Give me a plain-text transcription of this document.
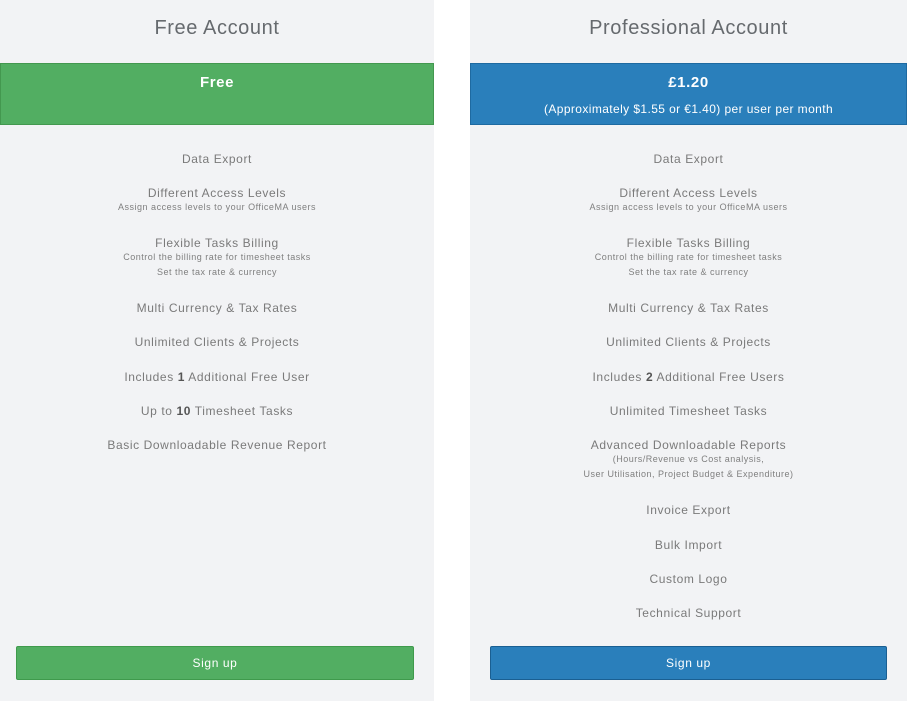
Free Account
Free
Data Export
Different Access Levels
Assign access levels to your OfficeMA users
Flexible Tasks Billing
Control the billing rate for timesheet tasks
Set the tax rate & currency
Multi Currency & Tax Rates
Unlimited Clients & Projects
Includes 1 Additional Free User
Up to 10 Timesheet Tasks
Basic Downloadable Revenue Report
Sign up
Professional Account
£1.20
(Approximately $1.55 or €1.40) per user per month
Data Export
Different Access Levels
Assign access levels to your OfficeMA users
Flexible Tasks Billing
Control the billing rate for timesheet tasks
Set the tax rate & currency
Multi Currency & Tax Rates
Unlimited Clients & Projects
Includes 2 Additional Free Users
Unlimited Timesheet Tasks
Advanced Downloadable Reports
(Hours/Revenue vs Cost analysis,
User Utilisation, Project Budget & Expenditure)
Invoice Export
Bulk Import
Custom Logo
Technical Support
Sign up
